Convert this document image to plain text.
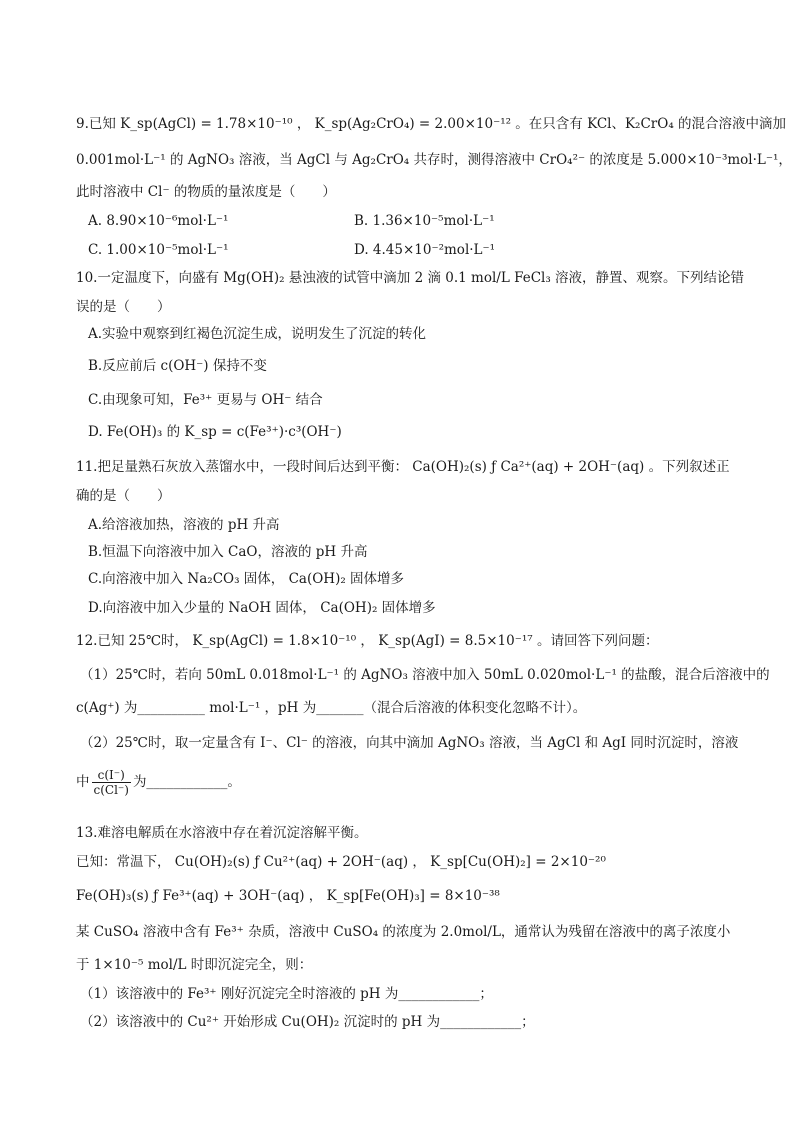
9.已知 K_sp(AgCl) = 1.78×10⁻¹⁰ ， K_sp(Ag₂CrO₄) = 2.00×10⁻¹² 。在只含有 KCl、K₂CrO₄ 的混合溶液中滴加
0.001mol·L⁻¹ 的 AgNO₃ 溶液，当 AgCl 与 Ag₂CrO₄ 共存时，测得溶液中 CrO₄²⁻ 的浓度是 5.000×10⁻³mol·L⁻¹，
此时溶液中 Cl⁻ 的物质的量浓度是（　　）
A. 8.90×10⁻⁶mol·L⁻¹	B. 1.36×10⁻⁵mol·L⁻¹
C. 1.00×10⁻⁵mol·L⁻¹	D. 4.45×10⁻²mol·L⁻¹
10.一定温度下，向盛有 Mg(OH)₂ 悬浊液的试管中滴加 2 滴 0.1 mol/L FeCl₃ 溶液，静置、观察。下列结论错
误的是（　　）
A.实验中观察到红褐色沉淀生成，说明发生了沉淀的转化
B.反应前后 c(OH⁻) 保持不变
C.由现象可知，Fe³⁺ 更易与 OH⁻ 结合
D. Fe(OH)₃ 的 K_sp = c(Fe³⁺)·c³(OH⁻)
11.把足量熟石灰放入蒸馏水中，一段时间后达到平衡： Ca(OH)₂(s) ƒ Ca²⁺(aq) + 2OH⁻(aq) 。下列叙述正
确的是（　　）
A.给溶液加热，溶液的 pH 升高
B.恒温下向溶液中加入 CaO，溶液的 pH 升高
C.向溶液中加入 Na₂CO₃ 固体， Ca(OH)₂ 固体增多
D.向溶液中加入少量的 NaOH 固体， Ca(OH)₂ 固体增多
12.已知 25℃时， K_sp(AgCl) = 1.8×10⁻¹⁰ ， K_sp(AgI) = 8.5×10⁻¹⁷ 。请回答下列问题：
（1）25℃时，若向 50mL 0.018mol·L⁻¹ 的 AgNO₃ 溶液中加入 50mL 0.020mol·L⁻¹ 的盐酸，混合后溶液中的
c(Ag⁺) 为__________ mol·L⁻¹ ，pH 为_______（混合后溶液的体积变化忽略不计）。
（2）25℃时，取一定量含有 I⁻、Cl⁻ 的溶液，向其中滴加 AgNO₃ 溶液，当 AgCl 和 AgI 同时沉淀时，溶液
中 $\frac{c(I^-)}{c(Cl^-)}$ 为____________。
13.难溶电解质在水溶液中存在着沉淀溶解平衡。
已知：常温下， Cu(OH)₂(s) ƒ Cu²⁺(aq) + 2OH⁻(aq) ， K_sp[Cu(OH)₂] = 2×10⁻²⁰
Fe(OH)₃(s) ƒ Fe³⁺(aq) + 3OH⁻(aq) ， K_sp[Fe(OH)₃] = 8×10⁻³⁸
某 CuSO₄ 溶液中含有 Fe³⁺ 杂质，溶液中 CuSO₄ 的浓度为 2.0mol/L，通常认为残留在溶液中的离子浓度小
于 1×10⁻⁵ mol/L 时即沉淀完全，则：
（1）该溶液中的 Fe³⁺ 刚好沉淀完全时溶液的 pH 为____________；
（2）该溶液中的 Cu²⁺ 开始形成 Cu(OH)₂ 沉淀时的 pH 为____________；
